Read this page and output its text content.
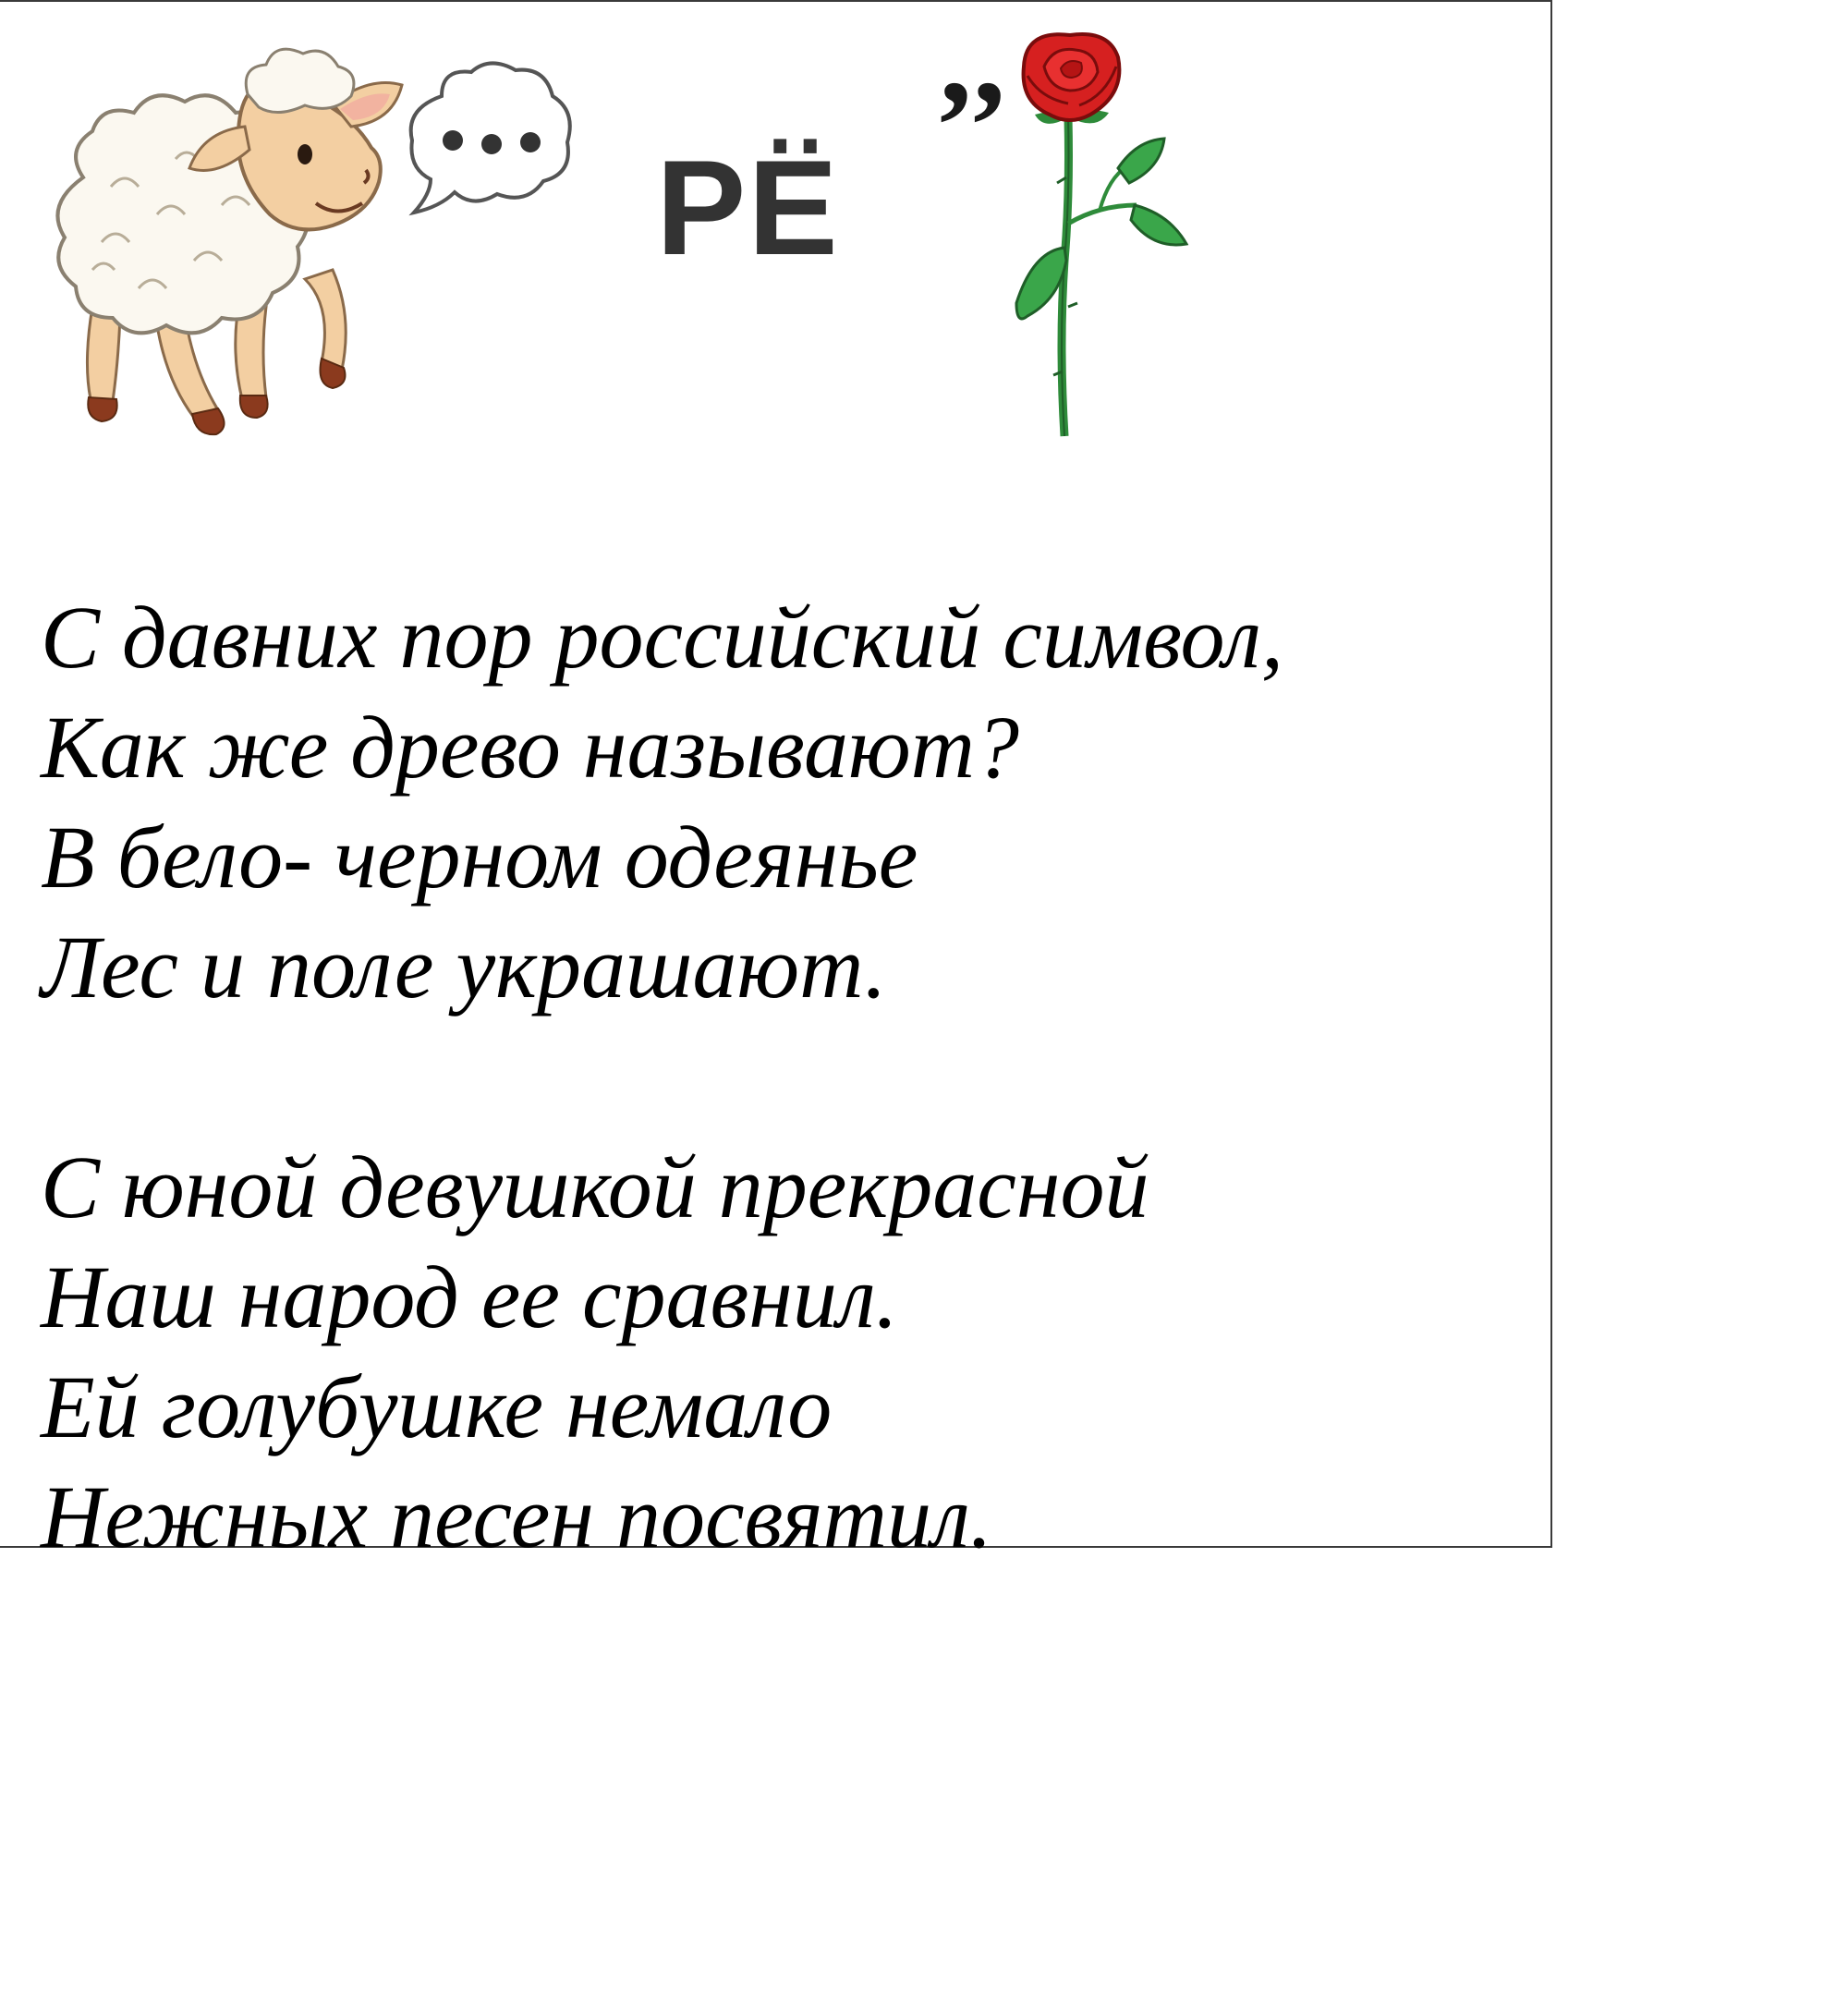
РЁ
’’
С давних пор российский символ,
Как же древо называют?
В бело- черном одеянье
Лес и поле украшают.
С юной девушкой прекрасной
Наш народ ее сравнил.
Ей голубушке немало
Нежных песен посвятил.
